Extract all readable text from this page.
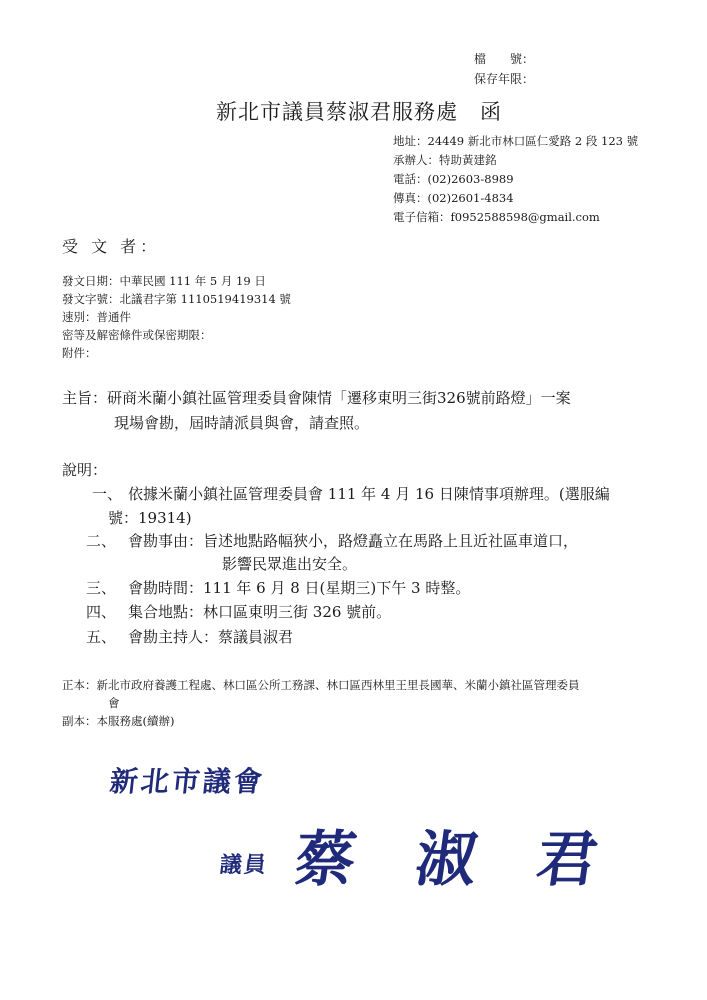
檔　　號：
保存年限：
新北市議員蔡淑君服務處　函
地址：24449 新北市林口區仁愛路 2 段 123 號
承辦人：特助黃建銘
電話：(02)2603-8989
傳真：(02)2601-4834
電子信箱：f0952588598@gmail.com
受 文 者：
發文日期：中華民國 111 年 5 月 19 日
發文字號：北議君字第 1110519419314 號
速別：普通件
密等及解密條件或保密期限：
附件：
主旨：研商米蘭小鎮社區管理委員會陳情「遷移東明三街326號前路燈」一案
現場會勘，屆時請派員與會，請查照。
說明：
一、 依據米蘭小鎮社區管理委員會 111 年 4 月 16 日陳情事項辦理。(選服編
號：19314)
二、 會勘事由：旨述地點路幅狹小，路燈矗立在馬路上且近社區車道口，
影響民眾進出安全。
三、 會勘時間：111 年 6 月 8 日(星期三)下午 3 時整。
四、 集合地點：林口區東明三街 326 號前。
五、 會勘主持人：蔡議員淑君
正本：新北市政府養護工程處、林口區公所工務課、林口區西林里王里長國華、米蘭小鎮社區管理委員
會
副本：本服務處(續辦)
新北市議會
議員 蔡 淑 君
